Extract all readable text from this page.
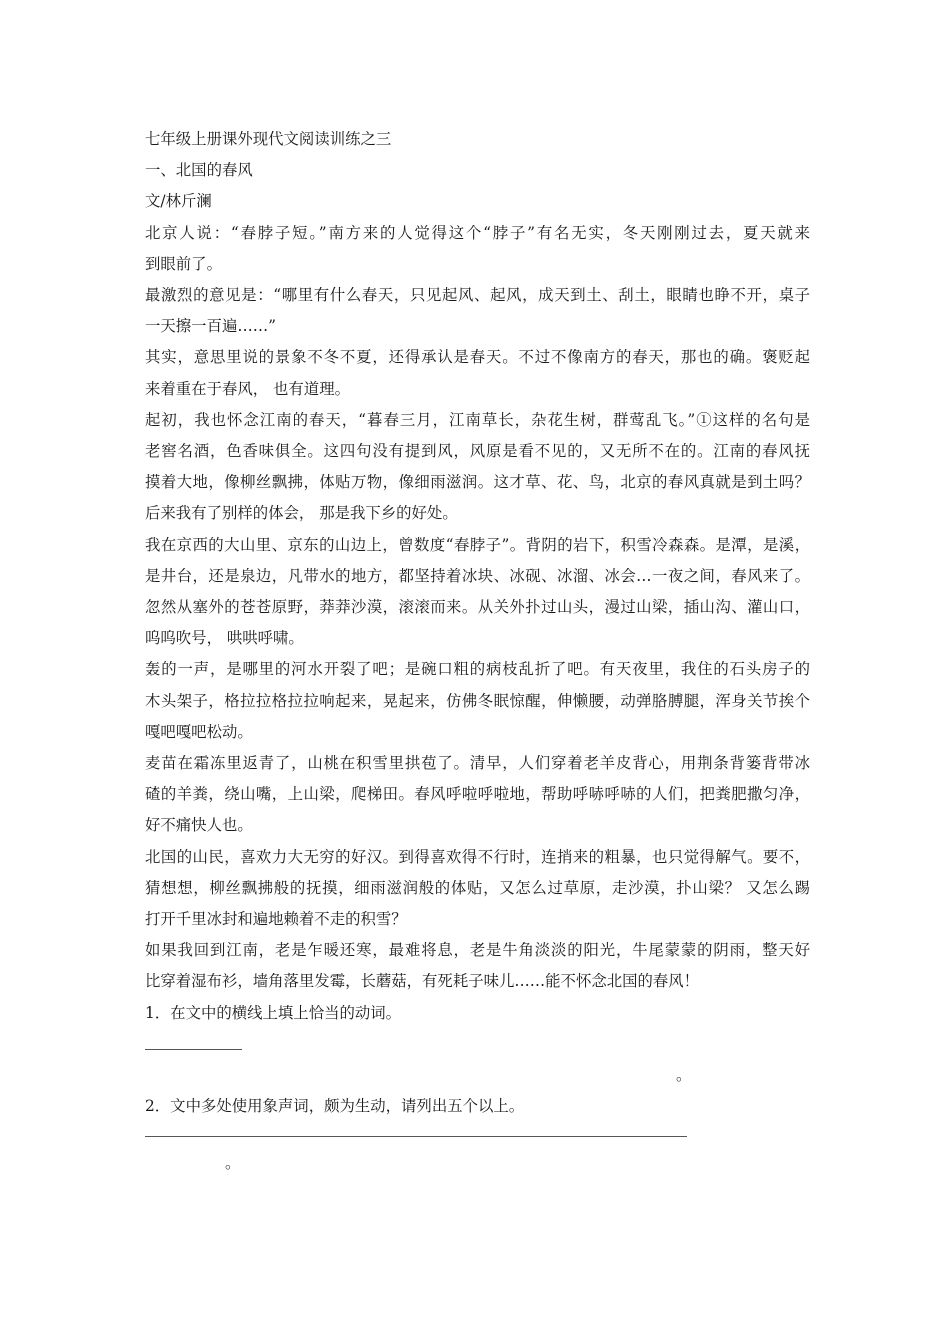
七年级上册课外现代文阅读训练之三

一、北国的春风

文/林斤澜

北京人说：“春脖子短。”南方来的人觉得这个“脖子”有名无实，冬天刚刚过去，夏天就来

到眼前了。

最激烈的意见是：“哪里有什么春天，只见起风、起风，成天到土、刮土，眼睛也睁不开，桌子

一天擦一百遍……”

其实，意思里说的景象不冬不夏，还得承认是春天。不过不像南方的春天，那也的确。褒贬起

来着重在于春风， 也有道理。

起初，我也怀念江南的春天，“暮春三月，江南草长，杂花生树，群莺乱飞。”①这样的名句是

老窖名酒，色香味俱全。这四句没有提到风，风原是看不见的，又无所不在的。江南的春风抚

摸着大地，像柳丝飘拂，体贴万物，像细雨滋润。这才草、花、鸟，北京的春风真就是到土吗？

后来我有了别样的体会， 那是我下乡的好处。

我在京西的大山里、京东的山边上，曾数度“春脖子”。背阴的岩下，积雪冷森森。是潭，是溪，

是井台，还是泉边，凡带水的地方，都坚持着冰块、冰砚、冰溜、冰会…一夜之间，春风来了。

忽然从塞外的苍苍原野，莽莽沙漠，滚滚而来。从关外扑过山头，漫过山梁，插山沟、灌山口，

呜呜吹号， 哄哄呼啸。

轰的一声，是哪里的河水开裂了吧；是碗口粗的病枝乱折了吧。有天夜里，我住的石头房子的

木头架子，格拉拉格拉拉响起来，晃起来，仿佛冬眠惊醒，伸懒腰，动弹胳膊腿，浑身关节挨个

嘎吧嘎吧松动。

麦苗在霜冻里返青了，山桃在积雪里拱苞了。清早，人们穿着老羊皮背心，用荆条背篓背带冰

碴的羊粪，绕山嘴，上山梁，爬梯田。春风呼啦呼啦地，帮助呼哧呼哧的人们，把粪肥撒匀净，

好不痛快人也。

北国的山民，喜欢力大无穷的好汉。到得喜欢得不行时，连捎来的粗暴，也只觉得解气。要不，

猜想想，柳丝飘拂般的抚摸，细雨滋润般的体贴，又怎么过草原，走沙漠，扑山梁？ 又怎么踢

打开千里冰封和遍地赖着不走的积雪？

如果我回到江南，老是乍暖还寒，最难将息，老是牛角淡淡的阳光，牛尾蒙蒙的阴雨，整天好

比穿着湿布衫，墙角落里发霉，长蘑菇，有死耗子味儿……能不怀念北国的春风！

1．在文中的横线上填上恰当的动词。

。

2．文中多处使用象声词，颇为生动，请列出五个以上。

。
